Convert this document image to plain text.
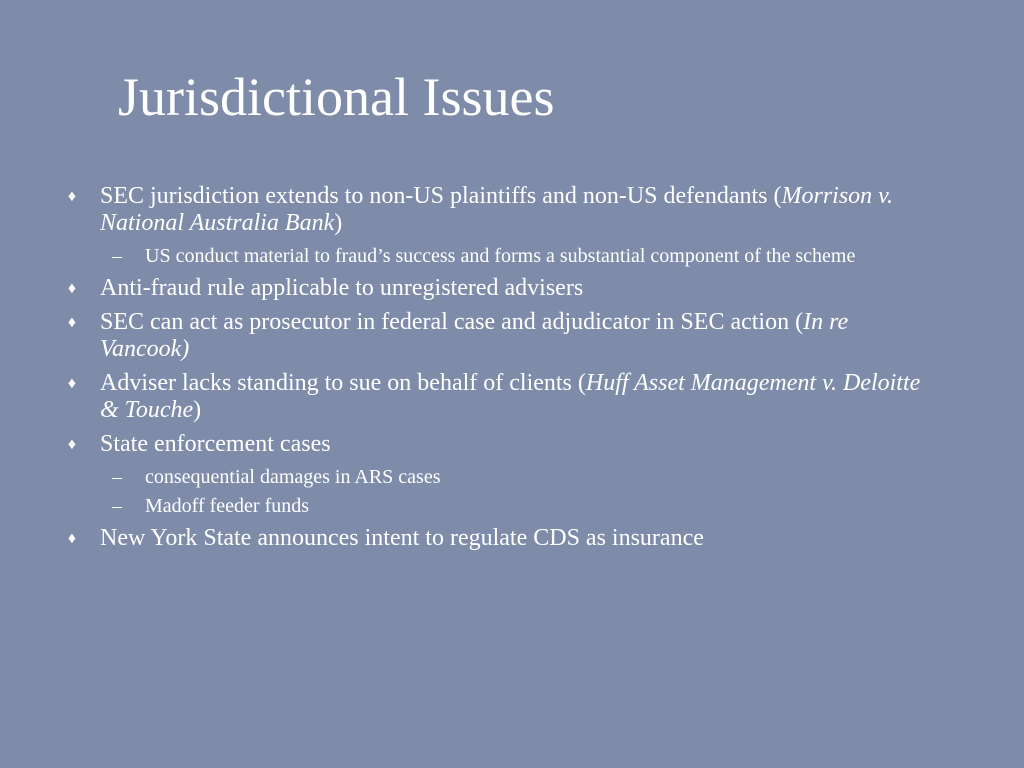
Jurisdictional Issues
♦ SEC jurisdiction extends to non-US plaintiffs and non-US defendants (Morrison v. National Australia Bank)
– US conduct material to fraud’s success and forms a substantial component of the scheme
♦ Anti-fraud rule applicable to unregistered advisers
♦ SEC can act as prosecutor in federal case and adjudicator in SEC action (In re Vancook)
♦ Adviser lacks standing to sue on behalf of clients (Huff Asset Management v. Deloitte & Touche)
♦ State enforcement cases
– consequential damages in ARS cases
– Madoff feeder funds
♦ New York State announces intent to regulate CDS as insurance
